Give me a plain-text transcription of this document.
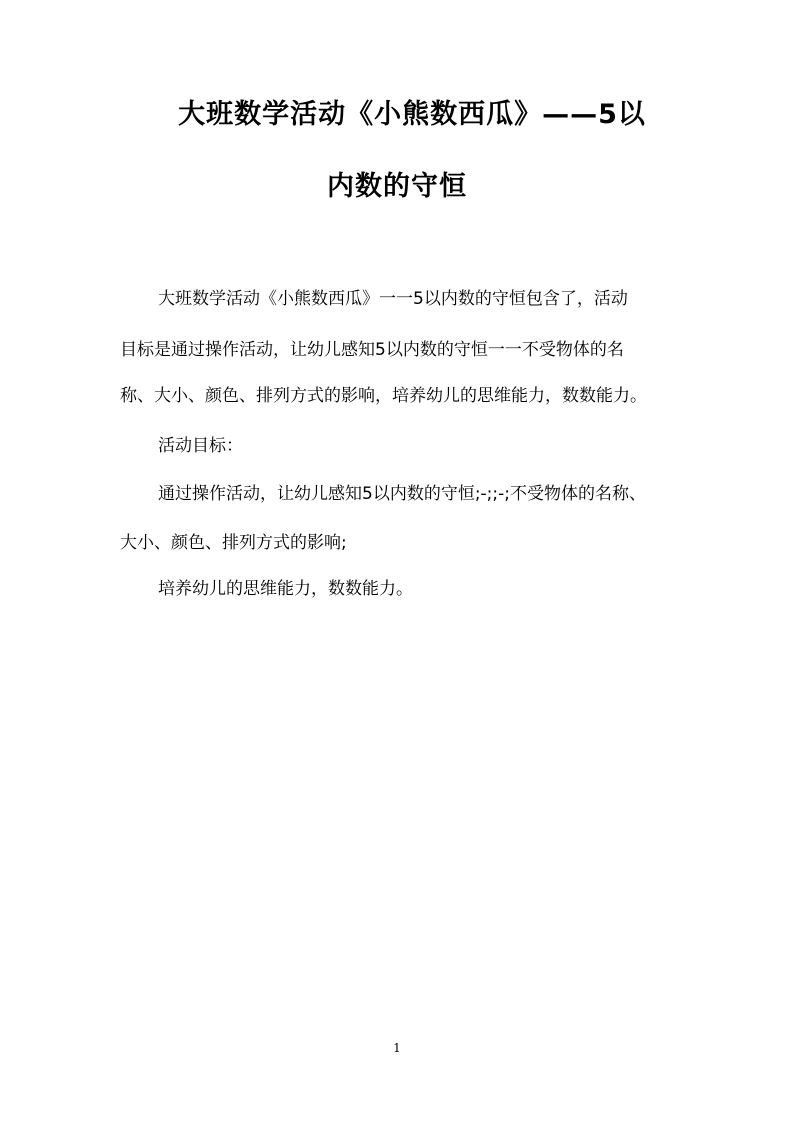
大班数学活动《小熊数西瓜》——5以
内数的守恒
大班数学活动《小熊数西瓜》一一5以内数的守恒包含了，活动
目标是通过操作活动，让幼儿感知5以内数的守恒一一不受物体的名
称、大小、颜色、排列方式的影响，培养幼儿的思维能力，数数能力。
活动目标：
通过操作活动，让幼儿感知5以内数的守恒;-;;-;不受物体的名称、
大小、颜色、排列方式的影响;
培养幼儿的思维能力，数数能力。
1
